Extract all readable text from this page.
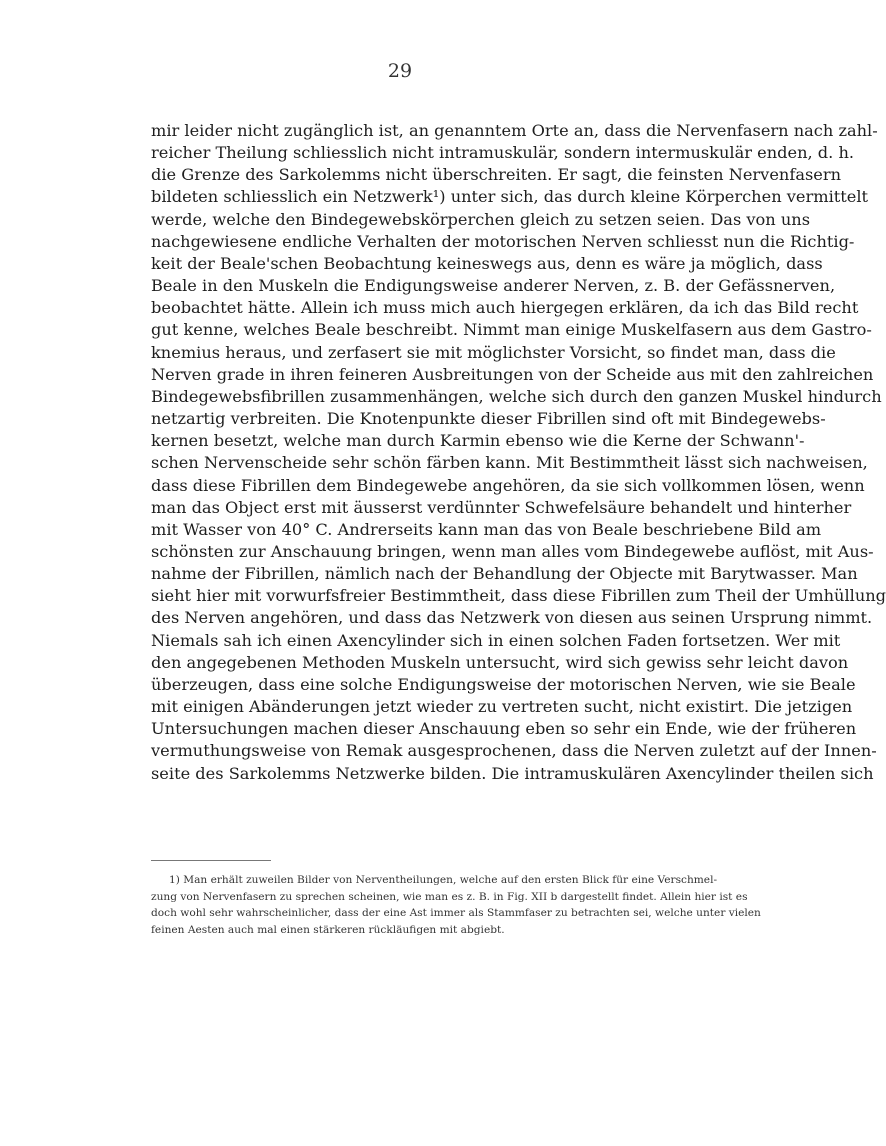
29
mir leider nicht zugänglich ist, an genanntem Orte an, dass die Nervenfasern nach zahl-
reicher Theilung schliesslich nicht intramuskulär, sondern intermuskulär enden, d. h.
die Grenze des Sarkolemms nicht überschreiten. Er sagt, die feinsten Nervenfasern
bildeten schliesslich ein Netzwerk¹) unter sich, das durch kleine Körperchen vermittelt
werde, welche den Bindegewebskörperchen gleich zu setzen seien. Das von uns
nachgewiesene endliche Verhalten der motorischen Nerven schliesst nun die Richtig-
keit der Beale'schen Beobachtung keineswegs aus, denn es wäre ja möglich, dass
Beale in den Muskeln die Endigungsweise anderer Nerven, z. B. der Gefässnerven,
beobachtet hätte. Allein ich muss mich auch hiergegen erklären, da ich das Bild recht
gut kenne, welches Beale beschreibt. Nimmt man einige Muskelfasern aus dem Gastro-
knemius heraus, und zerfasert sie mit möglichster Vorsicht, so findet man, dass die
Nerven grade in ihren feineren Ausbreitungen von der Scheide aus mit den zahlreichen
Bindegewebsfibrillen zusammenhängen, welche sich durch den ganzen Muskel hindurch
netzartig verbreiten. Die Knotenpunkte dieser Fibrillen sind oft mit Bindegewebs-
kernen besetzt, welche man durch Karmin ebenso wie die Kerne der Schwann'-
schen Nervenscheide sehr schön färben kann. Mit Bestimmtheit lässt sich nachweisen,
dass diese Fibrillen dem Bindegewebe angehören, da sie sich vollkommen lösen, wenn
man das Object erst mit äusserst verdünnter Schwefelsäure behandelt und hinterher
mit Wasser von 40° C. Andrerseits kann man das von Beale beschriebene Bild am
schönsten zur Anschauung bringen, wenn man alles vom Bindegewebe auflöst, mit Aus-
nahme der Fibrillen, nämlich nach der Behandlung der Objecte mit Barytwasser. Man
sieht hier mit vorwurfsfreier Bestimmtheit, dass diese Fibrillen zum Theil der Umhüllung
des Nerven angehören, und dass das Netzwerk von diesen aus seinen Ursprung nimmt.
Niemals sah ich einen Axencylinder sich in einen solchen Faden fortsetzen. Wer mit
den angegebenen Methoden Muskeln untersucht, wird sich gewiss sehr leicht davon
überzeugen, dass eine solche Endigungsweise der motorischen Nerven, wie sie Beale
mit einigen Abänderungen jetzt wieder zu vertreten sucht, nicht existirt. Die jetzigen
Untersuchungen machen dieser Anschauung eben so sehr ein Ende, wie der früheren
vermuthungsweise von Remak ausgesprochenen, dass die Nerven zuletzt auf der Innen-
seite des Sarkolemms Netzwerke bilden. Die intramuskulären Axencylinder theilen sich
1) Man erhält zuweilen Bilder von Nerventheilungen, welche auf den ersten Blick für eine Verschmel-
zung von Nervenfasern zu sprechen scheinen, wie man es z. B. in Fig. XII b dargestellt findet. Allein hier ist es
doch wohl sehr wahrscheinlicher, dass der eine Ast immer als Stammfaser zu betrachten sei, welche unter vielen
feinen Aesten auch mal einen stärkeren rückläufigen mit abgiebt.
